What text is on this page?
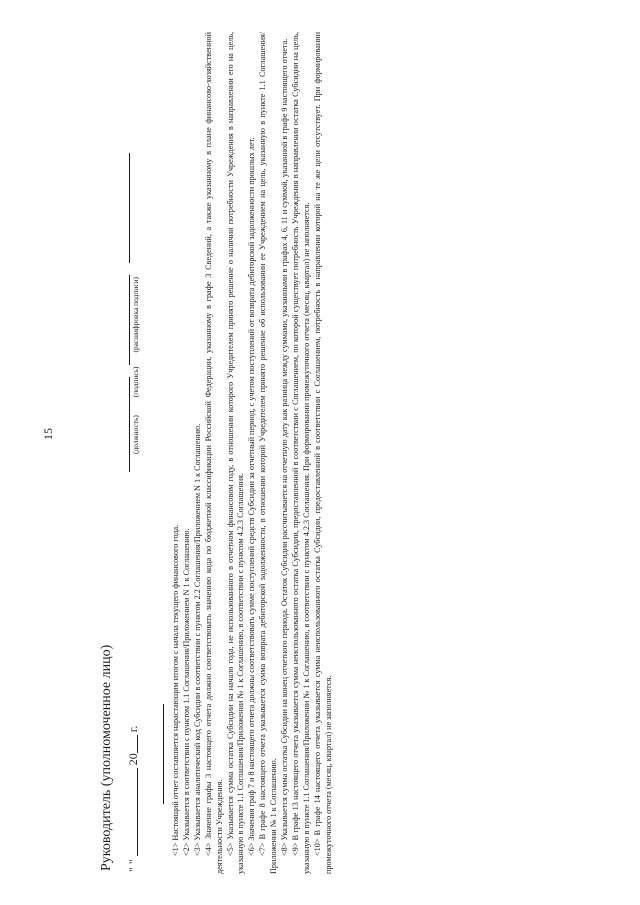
15
Руководитель (уполномоченное лицо) " "  20 г.
(должность)(подпись)(расшифровка подписи)

<1> Настоящий отчет составляется нарастающим итогом с начала текущего финансового года. <2> Указывается в соответствии с пунктом 1.1 Соглашения/Приложением N 1 к Соглашению. <3> Указывается аналитический код Субсидии в соответствии с пунктом 2.2 Соглашения/Приложением N 1 к Соглашению. <4> Значение графы 3 настоящего отчета должно соответствовать значению кода по бюджетной классификации Российской Федерации, указанному в графе 3 Сведений, а также указанному в плане финансово-хозяйственной деятельности Учреждения. <5> Указывается сумма остатка Субсидии на начало года, не использованного в отчетном финансовом году, в отношении которого Учредителем принято решение о наличии потребности Учреждения в направлении его на цель, указанную в пункте 1.1 Соглашения/Приложении № 1 к Соглашению, в соответствии с пунктом 4.2.3 Соглашения. <6> Значения граф 7 и 8 настоящего отчета должны соответствовать сумме поступлений средств Субсидии за отчетный период, с учетом поступлений от возврата дебиторской задолженности прошлых лет. <7> В графе 8 настоящего отчета указывается сумма возврата дебиторской задолженности, в отношении которой Учредителем принято решение об использовании ее Учреждением на цель, указанную в пункте 1.1 Соглашения/Приложении № 1 к Соглашению. <8> Указывается сумма остатка Субсидии на конец отчетного периода. Остаток Субсидии рассчитывается на отчетную дату как разница между суммами, указанными в графах 4, 6, 11 и суммой, указанной в графе 9 настоящего отчета. <9> В графе 13 настоящего отчета указывается сумма неиспользованного остатка Субсидии, предоставленной в соответствии с Соглашением, по которой существует потребность Учреждения в направлении остатка Субсидии на цель, указанную в пункте 1.1 Соглашения/Приложении № 1 к Соглашению, в соответствии с пунктом 4.2.3 Соглашения. При формировании промежуточного отчета (месяц, квартал) не заполняется. <10> В графе 14 настоящего отчета указывается сумма неиспользованного остатка Субсидии, предоставленной в соответствии с Соглашением, потребность в направлении которой на те же цели отсутствует. При формировании промежуточного отчета (месяц, квартал) не заполняется.
